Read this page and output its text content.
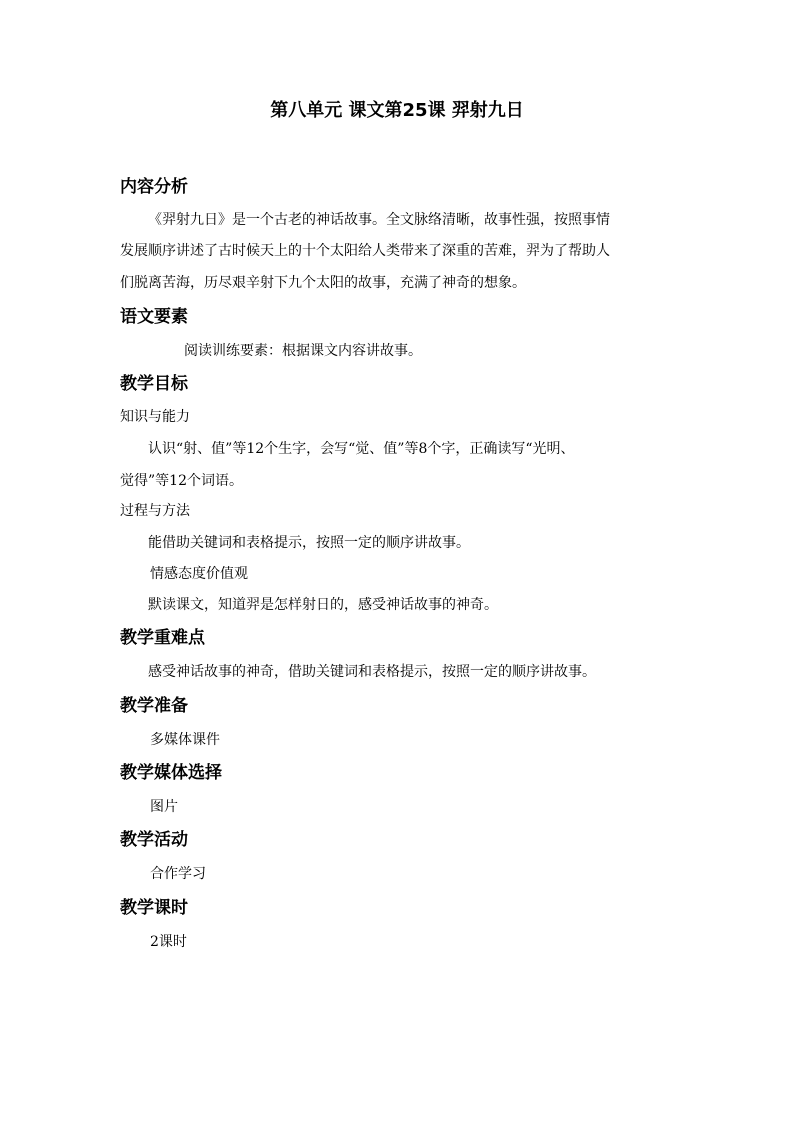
第八单元 课文第25课 羿射九日
内容分析
《羿射九日》是一个古老的神话故事。全文脉络清晰，故事性强，按照事情
发展顺序讲述了古时候天上的十个太阳给人类带来了深重的苦难，羿为了帮助人
们脱离苦海，历尽艰辛射下九个太阳的故事，充满了神奇的想象。
语文要素
阅读训练要素：根据课文内容讲故事。
教学目标
知识与能力
认识“射、值”等12个生字，会写“觉、值”等8个字，正确读写“光明、
觉得”等12个词语。
过程与方法
能借助关键词和表格提示，按照一定的顺序讲故事。
情感态度价值观
默读课文，知道羿是怎样射日的，感受神话故事的神奇。
教学重难点
感受神话故事的神奇，借助关键词和表格提示，按照一定的顺序讲故事。
教学准备
多媒体课件
教学媒体选择
图片
教学活动
合作学习
教学课时
2课时
